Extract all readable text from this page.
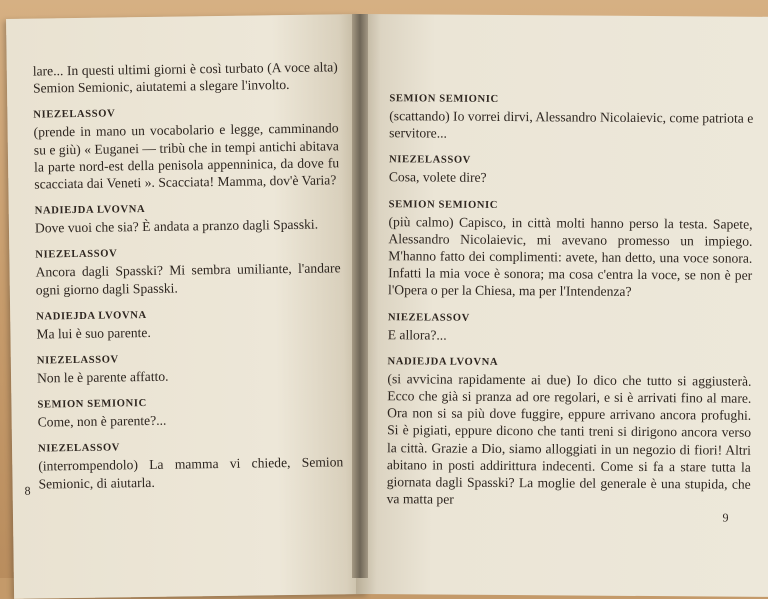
lare... In questi ultimi giorni è così turbato (A voce alta) Semion Semionic, aiutatemi a slegare l'involto.

NIEZELASSOV

(prende in mano un vocabolario e legge, camminando su e giù) « Euganei — tribù che in tempi antichi abitava la parte nord-est della penisola appenninica, da dove fu scacciata dai Veneti ». Scacciata! Mamma, dov'è Varia?

NADIEJDA LVOVNA

Dove vuoi che sia? È andata a pranzo dagli Spasski.

NIEZELASSOV

Ancora dagli Spasski? Mi sembra umiliante, l'andare ogni giorno dagli Spasski.

NADIEJDA LVOVNA

Ma lui è suo parente.

NIEZELASSOV

Non le è parente affatto.

SEMION SEMIONIC

Come, non è parente?...

NIEZELASSOV

(interrompendolo) La mamma vi chiede, Semion Semionic, di aiutarla.

8
SEMION SEMIONIC

(scattando) Io vorrei dirvi, Alessandro Nicolaievic, come patriota e servitore...

NIEZELASSOV

Cosa, volete dire?

SEMION SEMIONIC

(più calmo) Capisco, in città molti hanno perso la testa. Sapete, Alessandro Nicolaievic, mi avevano promesso un impiego. M'hanno fatto dei complimenti: avete, han detto, una voce sonora. Infatti la mia voce è sonora; ma cosa c'entra la voce, se non è per l'Opera o per la Chiesa, ma per l'Intendenza?

NIEZELASSOV

E allora?...

NADIEJDA LVOVNA

(si avvicina rapidamente ai due) Io dico che tutto si aggiusterà. Ecco che già si pranza ad ore regolari, e si è arrivati fino al mare. Ora non si sa più dove fuggire, eppure arrivano ancora profughi. Si è pigiati, eppure dicono che tanti treni si dirigono ancora verso la città. Grazie a Dio, siamo alloggiati in un negozio di fiori! Altri abitano in posti addirittura indecenti. Come si fa a stare tutta la giornata dagli Spasski? La moglie del generale è una stupida, che va matta per

9
